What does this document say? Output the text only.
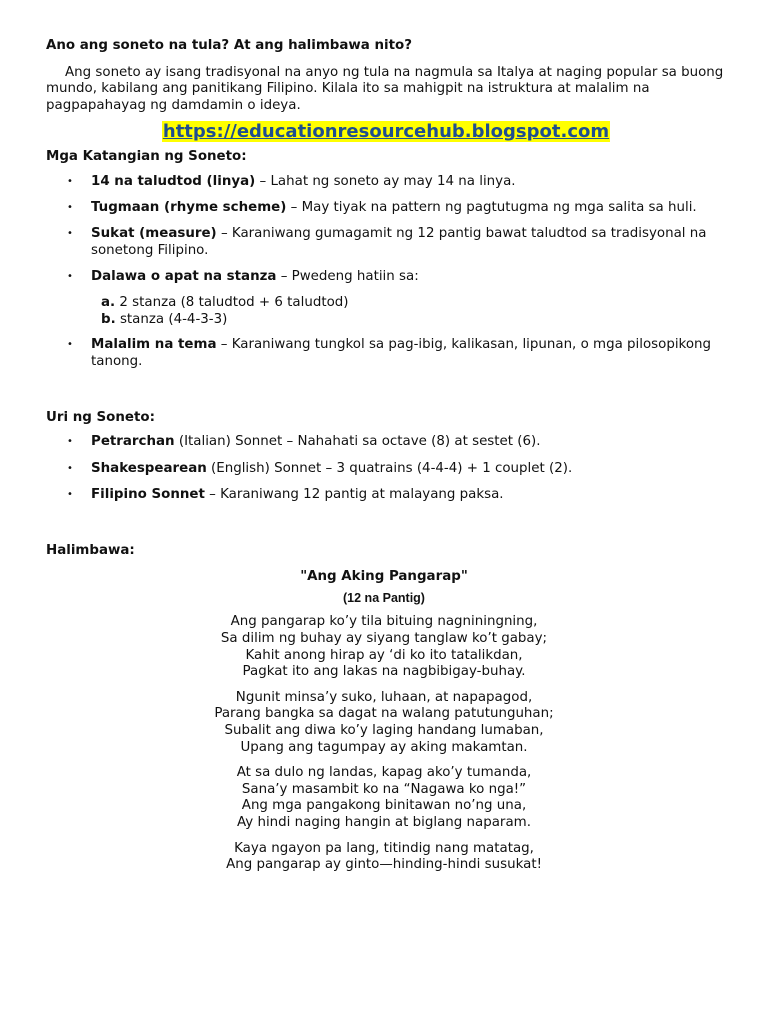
Ano ang soneto na tula? At ang halimbawa nito?

Ang soneto ay isang tradisyonal na anyo ng tula na nagmula sa Italya at naging popular sa buong mundo, kabilang ang panitikang Filipino. Kilala ito sa mahigpit na istruktura at malalim na pagpapahayag ng damdamin o ideya.

https://educationresourcehub.blogspot.com

Mga Katangian ng Soneto:

• 14 na taludtod (linya) – Lahat ng soneto ay may 14 na linya.
• Tugmaan (rhyme scheme) – May tiyak na pattern ng pagtutugma ng mga salita sa huli.
• Sukat (measure) – Karaniwang gumagamit ng 12 pantig bawat taludtod sa tradisyonal na sonetong Filipino.
• Dalawa o apat na stanza – Pwedeng hatiin sa:
a. 2 stanza (8 taludtod + 6 taludtod)
b. stanza (4-4-3-3)
• Malalim na tema – Karaniwang tungkol sa pag-ibig, kalikasan, lipunan, o mga pilosopikong tanong.

Uri ng Soneto:

• Petrarchan (Italian) Sonnet – Nahahati sa octave (8) at sestet (6).
• Shakespearean (English) Sonnet – 3 quatrains (4-4-4) + 1 couplet (2).
• Filipino Sonnet – Karaniwang 12 pantig at malayang paksa.

Halimbawa:

"Ang Aking Pangarap"
(12 na Pantig)
Ang pangarap ko’y tila bituing nagniningning,
Sa dilim ng buhay ay siyang tanglaw ko’t gabay;
Kahit anong hirap ay ‘di ko ito tatalikdan,
Pagkat ito ang lakas na nagbibigay-buhay.
Ngunit minsa’y suko, luhaan, at napapagod,
Parang bangka sa dagat na walang patutunguhan;
Subalit ang diwa ko’y laging handang lumaban,
Upang ang tagumpay ay aking makamtan.
At sa dulo ng landas, kapag ako’y tumanda,
Sana’y masambit ko na “Nagawa ko nga!”
Ang mga pangakong binitawan no’ng una,
Ay hindi naging hangin at biglang naparam.
Kaya ngayon pa lang, titindig nang matatag,
Ang pangarap ay ginto—hinding-hindi susukat!
